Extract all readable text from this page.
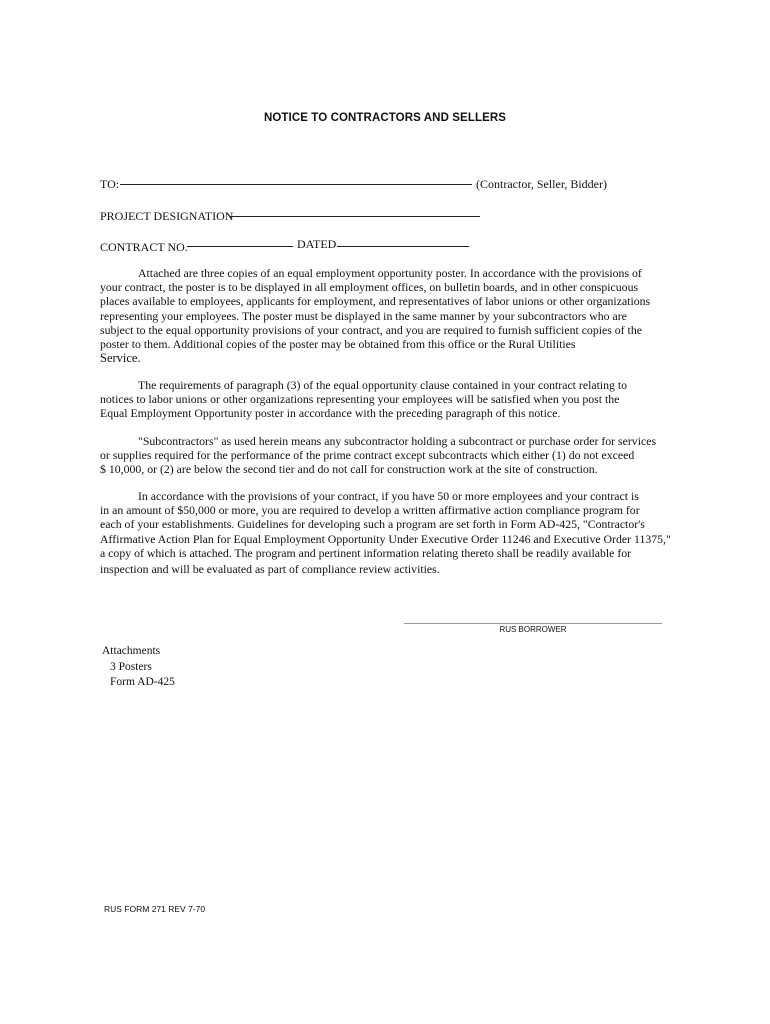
NOTICE TO CONTRACTORS AND SELLERS
TO:	(Contractor, Seller, Bidder)
PROJECT DESIGNATION
CONTRACT NO.	DATED
Attached are three copies of an equal employment opportunity poster. In accordance with the provisions of
your contract, the poster is to be displayed in all employment offices, on bulletin boards, and in other conspicuous
places available to employees, applicants for employment, and representatives of labor unions or other organizations
representing your employees. The poster must be displayed in the same manner by your subcontractors who are
subject to the equal opportunity provisions of your contract, and you are required to furnish sufficient copies of the
poster to them. Additional copies of the poster may be obtained from this office or the Rural Utilities
Service.
The requirements of paragraph (3) of the equal opportunity clause contained in your contract relating to
notices to labor unions or other organizations representing your employees will be satisfied when you post the
Equal Employment Opportunity poster in accordance with the preceding paragraph of this notice.
"Subcontractors" as used herein means any subcontractor holding a subcontract or purchase order for services
or supplies required for the performance of the prime contract except subcontracts which either (1) do not exceed
$ 10,000, or (2) are below the second tier and do not call for construction work at the site of construction.
In accordance with the provisions of your contract, if you have 50 or more employees and your contract is
in an amount of $50,000 or more, you are required to develop a written affirmative action compliance program for
each of your establishments. Guidelines for developing such a program are set forth in Form AD-425, "Contractor's
Affirmative Action Plan for Equal Employment Opportunity Under Executive Order 11246 and Executive Order 11375,"
a copy of which is attached. The program and pertinent information relating thereto shall be readily available for
inspection and will be evaluated as part of compliance review activities.
RUS BORROWER
Attachments
3 Posters
Form AD-425
RUS FORM 271 REV 7-70
